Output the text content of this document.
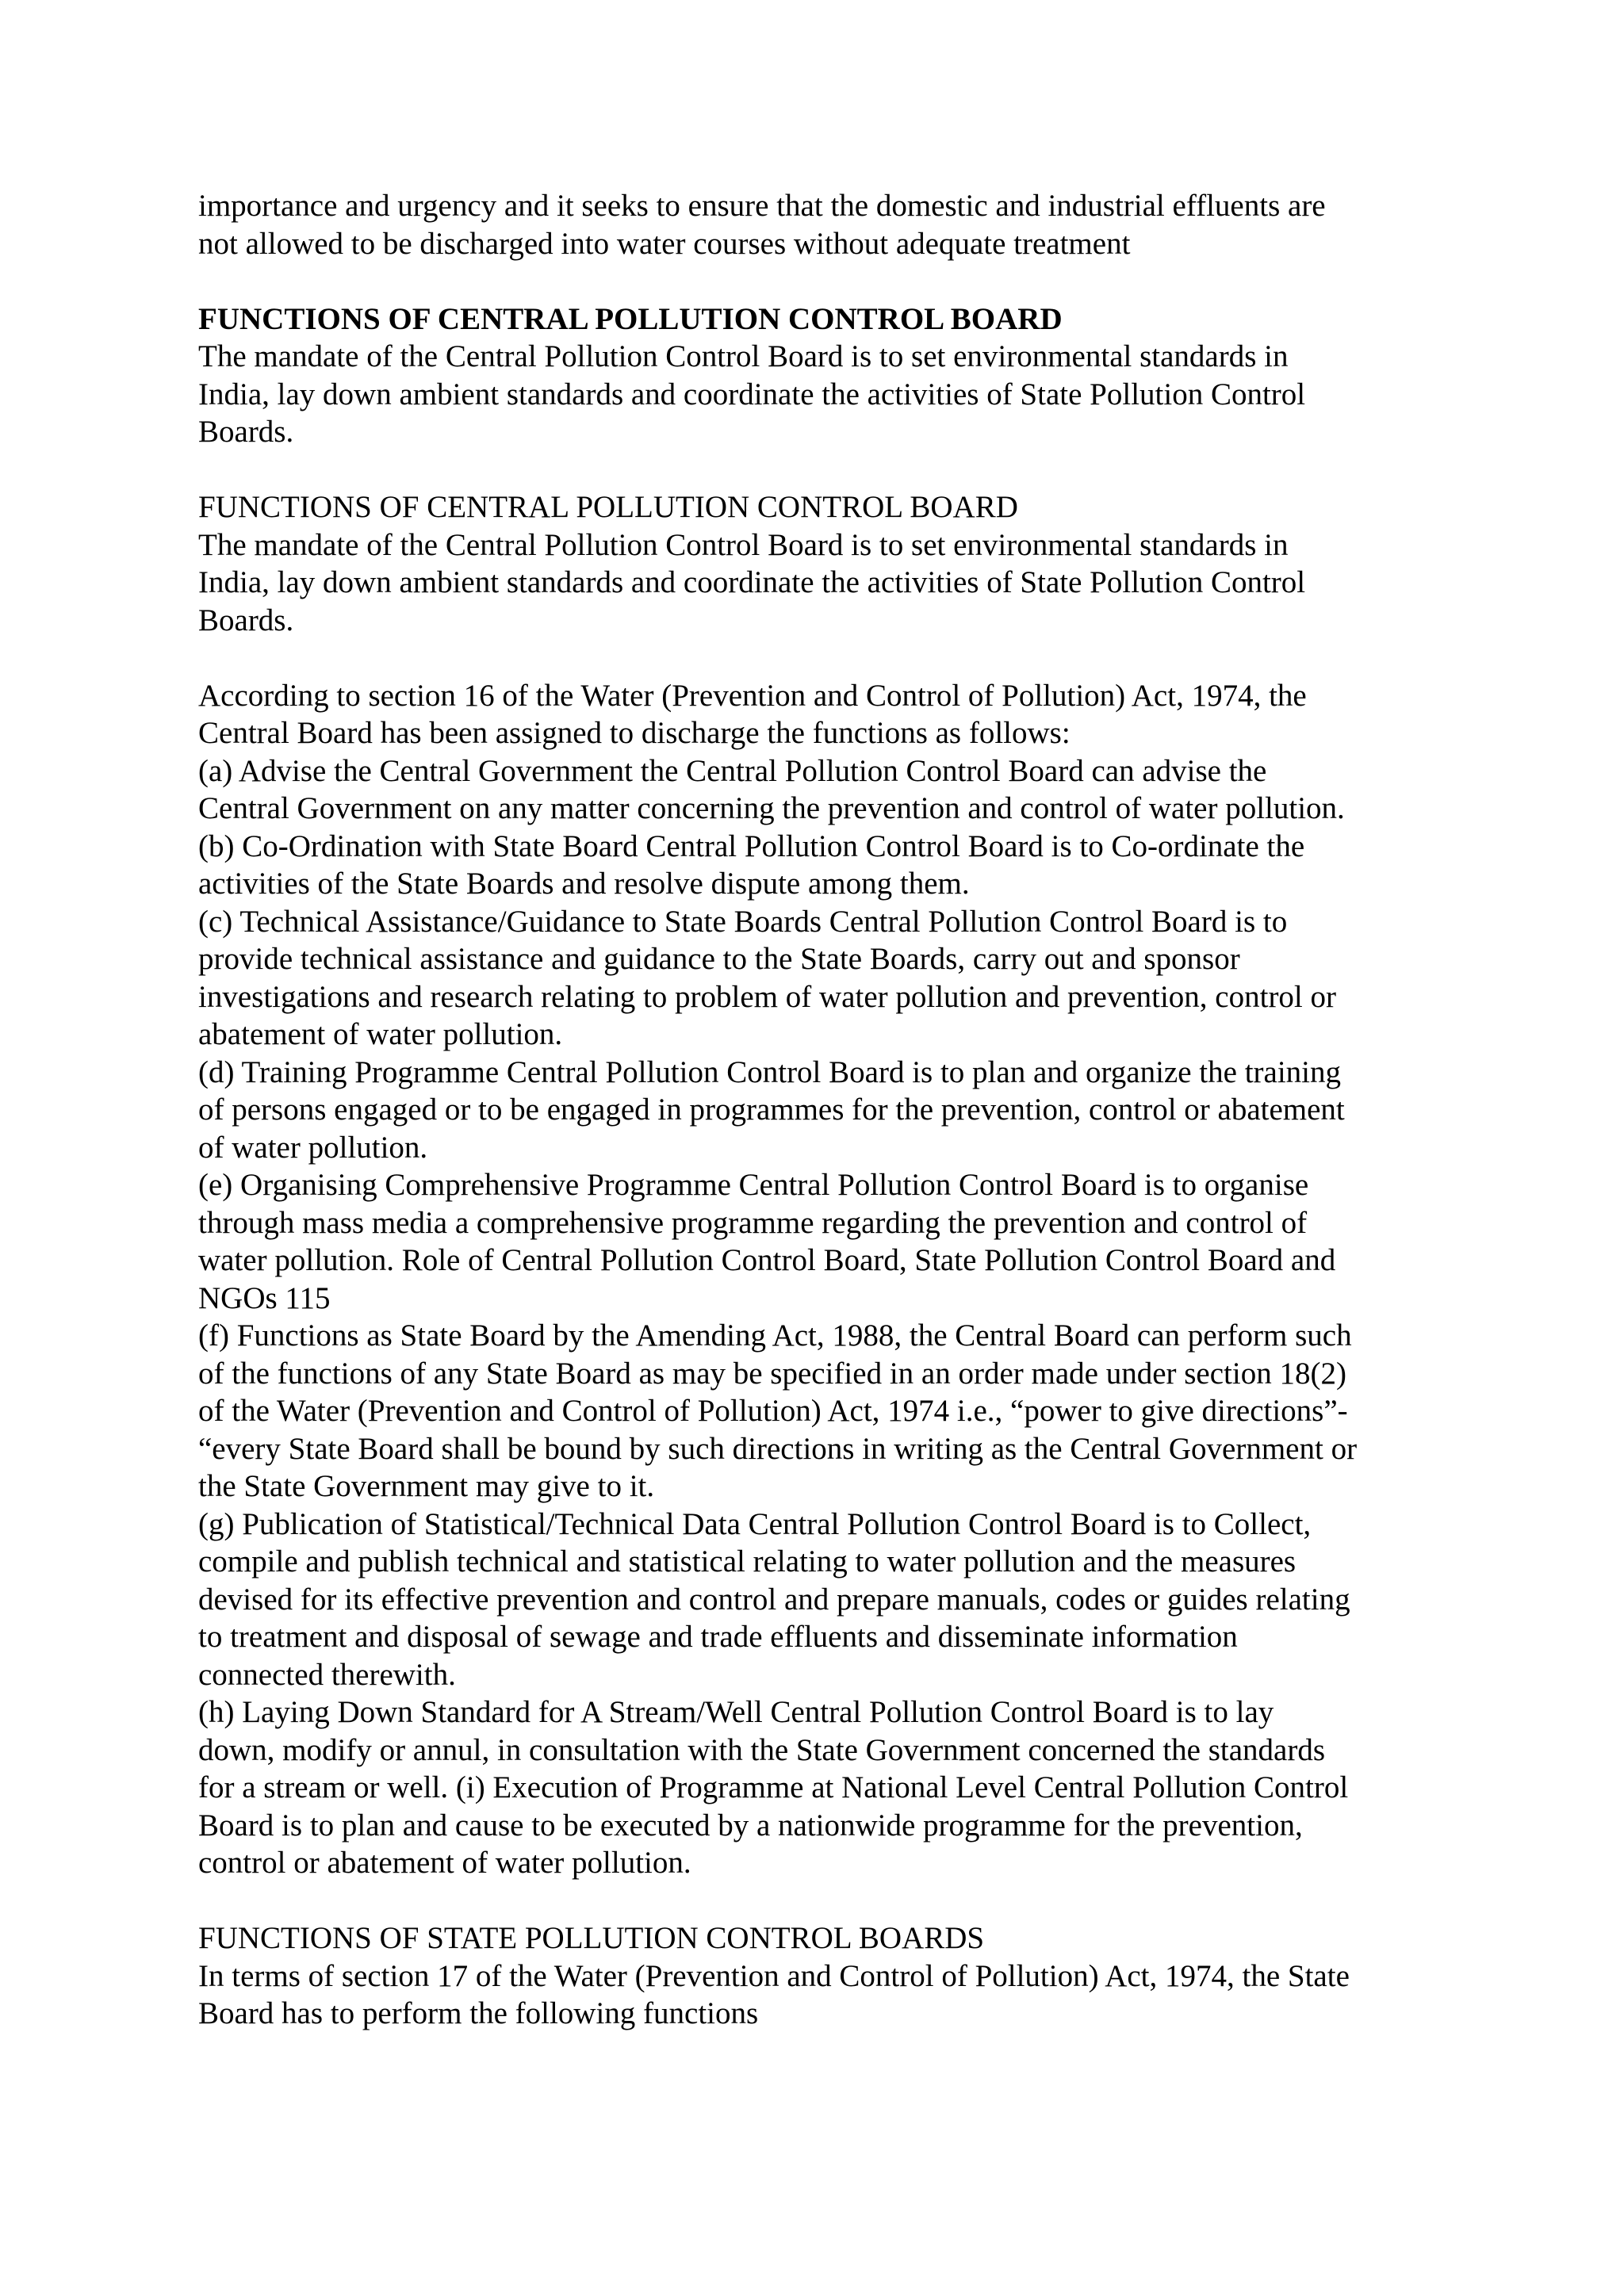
importance and urgency and it seeks to ensure that the domestic and industrial effluents are

not allowed to be discharged into water courses without adequate treatment

FUNCTIONS OF CENTRAL POLLUTION CONTROL BOARD

The mandate of the Central Pollution Control Board is to set environmental standards in

India, lay down ambient standards and coordinate the activities of State Pollution Control

Boards.

FUNCTIONS OF CENTRAL POLLUTION CONTROL BOARD

The mandate of the Central Pollution Control Board is to set environmental standards in

India, lay down ambient standards and coordinate the activities of State Pollution Control

Boards.

According to section 16 of the Water (Prevention and Control of Pollution) Act, 1974, the

Central Board has been assigned to discharge the functions as follows:

(a) Advise the Central Government the Central Pollution Control Board can advise the

Central Government on any matter concerning the prevention and control of water pollution.

(b) Co-Ordination with State Board Central Pollution Control Board is to Co-ordinate the

activities of the State Boards and resolve dispute among them.

(c) Technical Assistance/Guidance to State Boards Central Pollution Control Board is to

provide technical assistance and guidance to the State Boards, carry out and sponsor

investigations and research relating to problem of water pollution and prevention, control or

abatement of water pollution.

(d) Training Programme Central Pollution Control Board is to plan and organize the training

of persons engaged or to be engaged in programmes for the prevention, control or abatement

of water pollution.

(e) Organising Comprehensive Programme Central Pollution Control Board is to organise

through mass media a comprehensive programme regarding the prevention and control of

water pollution. Role of Central Pollution Control Board, State Pollution Control Board and

NGOs 115

(f) Functions as State Board by the Amending Act, 1988, the Central Board can perform such

of the functions of any State Board as may be specified in an order made under section 18(2)

of the Water (Prevention and Control of Pollution) Act, 1974 i.e., “power to give directions”-

“every State Board shall be bound by such directions in writing as the Central Government or

the State Government may give to it.

(g) Publication of Statistical/Technical Data Central Pollution Control Board is to Collect,

compile and publish technical and statistical relating to water pollution and the measures

devised for its effective prevention and control and prepare manuals, codes or guides relating

to treatment and disposal of sewage and trade effluents and disseminate information

connected therewith.

(h) Laying Down Standard for A Stream/Well Central Pollution Control Board is to lay

down, modify or annul, in consultation with the State Government concerned the standards

for a stream or well. (i) Execution of Programme at National Level Central Pollution Control

Board is to plan and cause to be executed by a nationwide programme for the prevention,

control or abatement of water pollution.

FUNCTIONS OF STATE POLLUTION CONTROL BOARDS

In terms of section 17 of the Water (Prevention and Control of Pollution) Act, 1974, the State

Board has to perform the following functions
